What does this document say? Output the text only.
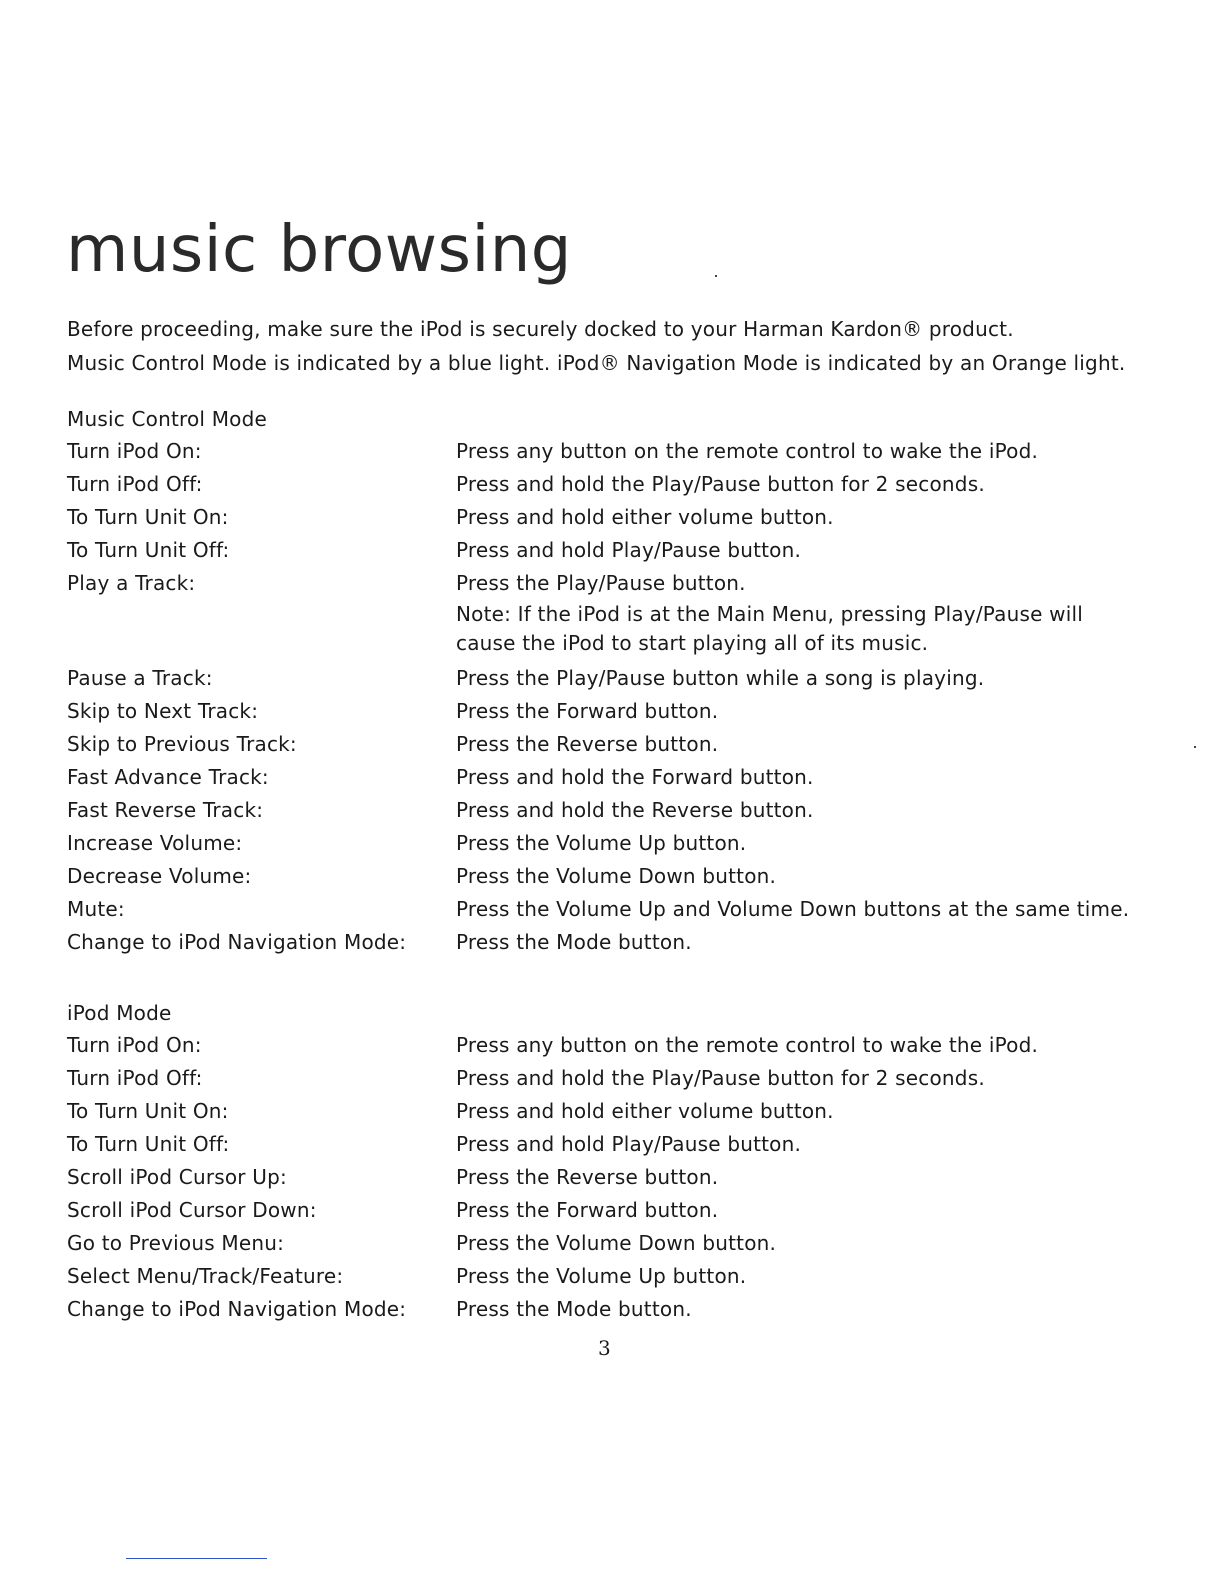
music browsing
Before proceeding, make sure the iPod is securely docked to your Harman Kardon® product.
Music Control Mode is indicated by a blue light. iPod® Navigation Mode is indicated by an Orange light.
Music Control Mode
Turn iPod On:	Press any button on the remote control to wake the iPod.
Turn iPod Off:	Press and hold the Play/Pause button for 2 seconds.
To Turn Unit On:	Press and hold either volume button.
To Turn Unit Off:	Press and hold Play/Pause button.
Play a Track:	Press the Play/Pause button.
Note: If the iPod is at the Main Menu, pressing Play/Pause will
cause the iPod to start playing all of its music.
Pause a Track:	Press the Play/Pause button while a song is playing.
Skip to Next Track:	Press the Forward button.
Skip to Previous Track:	Press the Reverse button.
Fast Advance Track:	Press and hold the Forward button.
Fast Reverse Track:	Press and hold the Reverse button.
Increase Volume:	Press the Volume Up button.
Decrease Volume:	Press the Volume Down button.
Mute:	Press the Volume Up and Volume Down buttons at the same time.
Change to iPod Navigation Mode:	Press the Mode button.
iPod Mode
Turn iPod On:	Press any button on the remote control to wake the iPod.
Turn iPod Off:	Press and hold the Play/Pause button for 2 seconds.
To Turn Unit On:	Press and hold either volume button.
To Turn Unit Off:	Press and hold Play/Pause button.
Scroll iPod Cursor Up:	Press the Reverse button.
Scroll iPod Cursor Down:	Press the Forward button.
Go to Previous Menu:	Press the Volume Down button.
Select Menu/Track/Feature:	Press the Volume Up button.
Change to iPod Navigation Mode:	Press the Mode button.
3
